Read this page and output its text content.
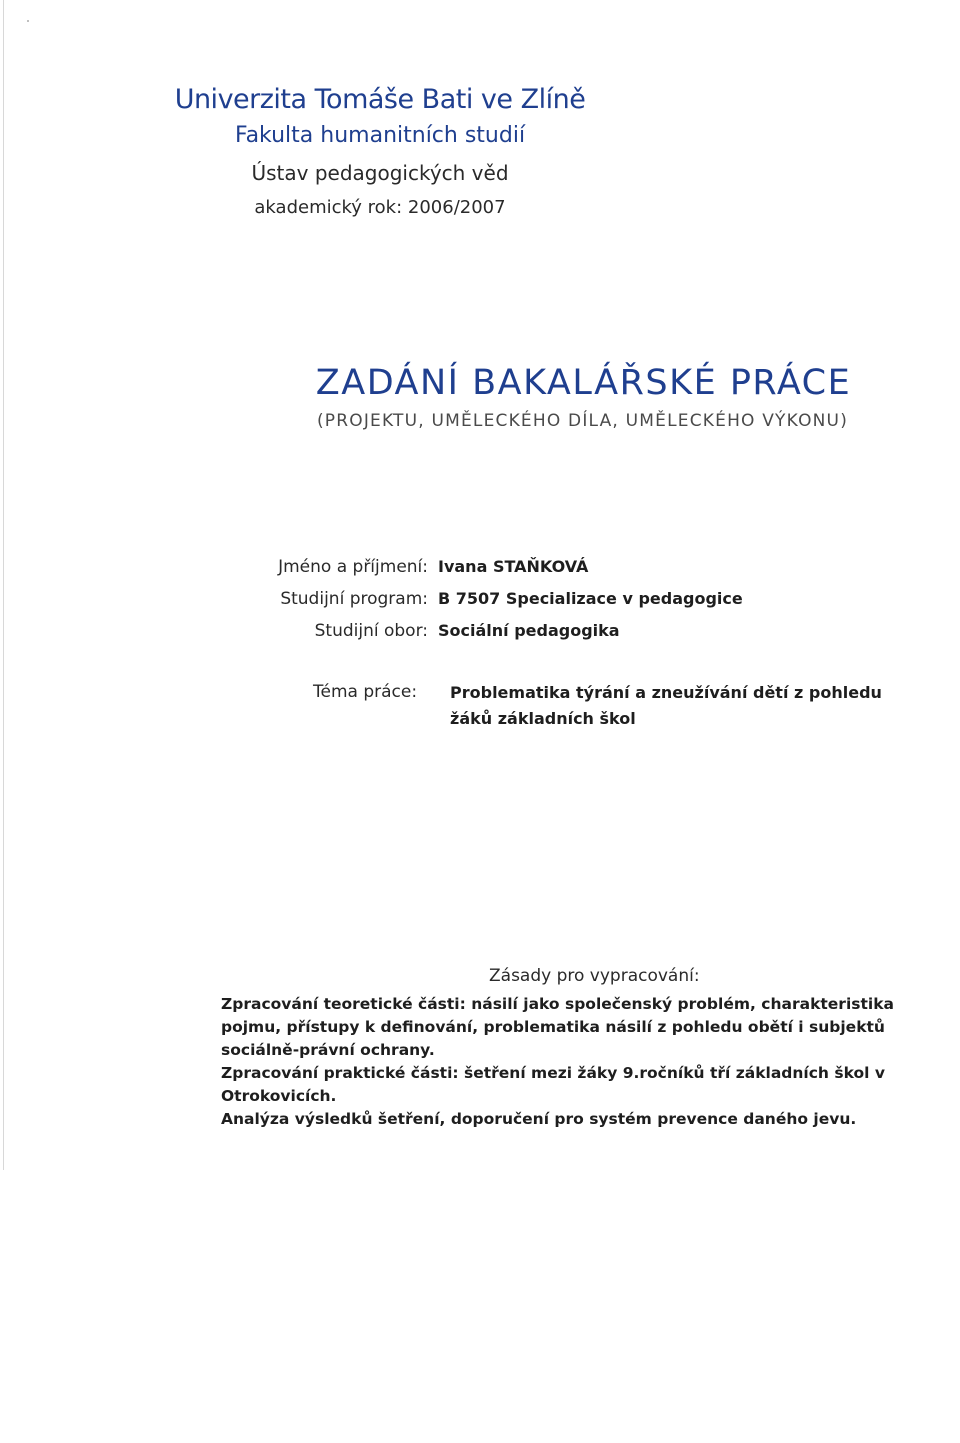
Univerzita Tomáše Bati ve Zlíně
Fakulta humanitních studií
Ústav pedagogických věd
akademický rok: 2006/2007
ZADÁNÍ BAKALÁŘSKÉ PRÁCE
(PROJEKTU, UMĚLECKÉHO DÍLA, UMĚLECKÉHO VÝKONU)
Jméno a příjmení: Ivana STAŇKOVÁ
Studijní program: B 7507 Specializace v pedagogice
Studijní obor: Sociální pedagogika
Téma práce: Problematika týrání a zneužívání dětí z pohledu žáků základních škol
Zásady pro vypracování:

Zpracování teoretické části: násilí jako společenský problém, charakteristika pojmu, přístupy k definování, problematika násilí z pohledu obětí i subjektů sociálně-právní ochrany.

Zpracování praktické části: šetření mezi žáky 9.ročníků tří základních škol v Otrokovicích.

Analýza výsledků šetření, doporučení pro systém prevence daného jevu.
